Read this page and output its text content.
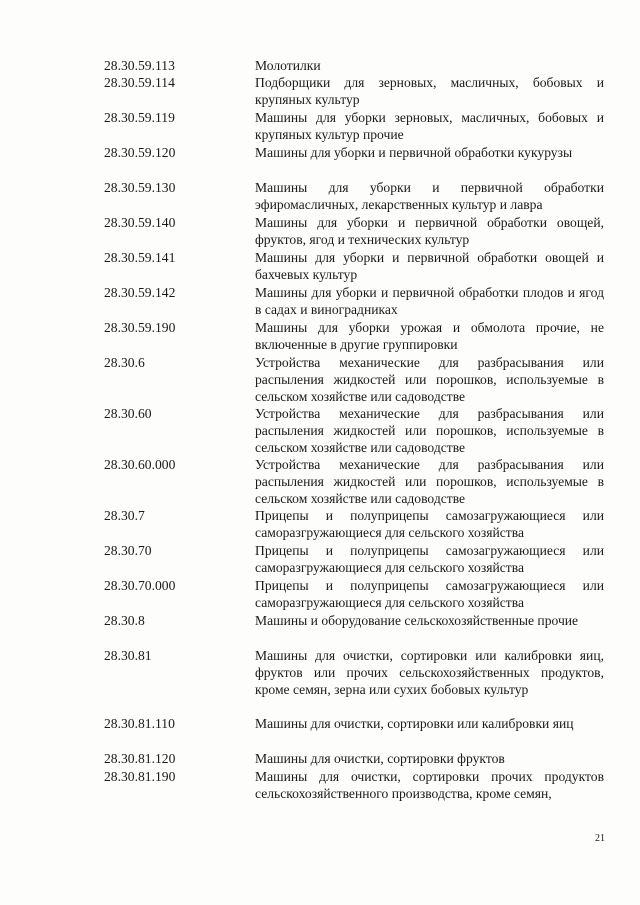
28.30.59.113	Молотилки
28.30.59.114	Подборщики для зерновых, масличных, бобовых и крупяных культур
28.30.59.119	Машины для уборки зерновых, масличных, бобовых и крупяных культур прочие
28.30.59.120	Машины для уборки и первичной обработки кукурузы
28.30.59.130	Машины для уборки и первичной обработки эфиромасличных, лекарственных культур и лавра
28.30.59.140	Машины для уборки и первичной обработки овощей, фруктов, ягод и технических культур
28.30.59.141	Машины для уборки и первичной обработки овощей и бахчевых культур
28.30.59.142	Машины для уборки и первичной обработки плодов и ягод в садах и виноградниках
28.30.59.190	Машины для уборки урожая и обмолота прочие, не включенные в другие группировки
28.30.6	Устройства механические для разбрасывания или распыления жидкостей или порошков, используемые в сельском хозяйстве или садоводстве
28.30.60	Устройства механические для разбрасывания или распыления жидкостей или порошков, используемые в сельском хозяйстве или садоводстве
28.30.60.000	Устройства механические для разбрасывания или распыления жидкостей или порошков, используемые в сельском хозяйстве или садоводстве
28.30.7	Прицепы и полуприцепы самозагружающиеся или саморазгружающиеся для сельского хозяйства
28.30.70	Прицепы и полуприцепы самозагружающиеся или саморазгружающиеся для сельского хозяйства
28.30.70.000	Прицепы и полуприцепы самозагружающиеся или саморазгружающиеся для сельского хозяйства
28.30.8	Машины и оборудование сельскохозяйственные прочие
28.30.81	Машины для очистки, сортировки или калибровки яиц, фруктов или прочих сельскохозяйственных продуктов, кроме семян, зерна или сухих бобовых культур
28.30.81.110	Машины для очистки, сортировки или калибровки яиц
28.30.81.120	Машины для очистки, сортировки фруктов
28.30.81.190	Машины для очистки, сортировки прочих продуктов сельскохозяйственного производства, кроме семян,
21
